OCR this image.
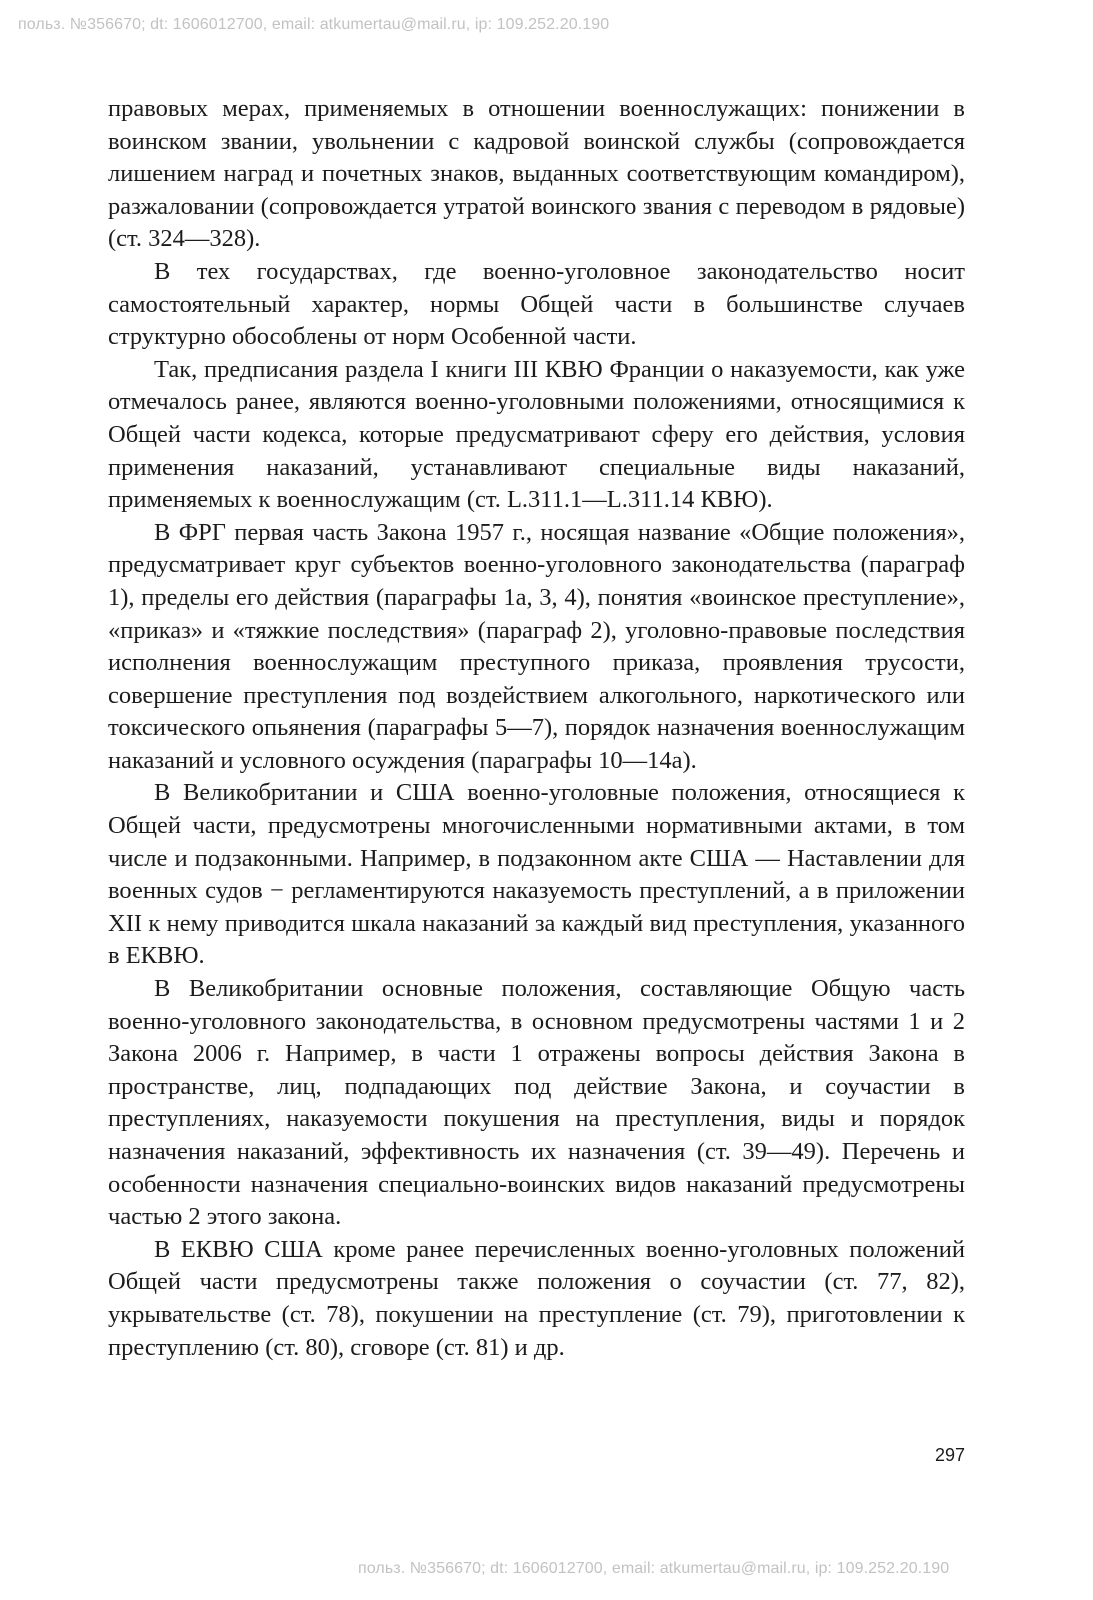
польз. №356670; dt: 1606012700, email: atkumertau@mail.ru, ip: 109.252.20.190

правовых мерах, применяемых в отношении военнослужащих: понижении в воинском звании, увольнении с кадровой воинской службы (сопровождается лишением наград и почетных знаков, выданных соответствующим командиром), разжаловании (сопровождается утратой воинского звания с переводом в рядовые) (ст. 324—328).

В тех государствах, где военно-уголовное законодательство носит самостоятельный характер, нормы Общей части в большинстве случаев структурно обособлены от норм Особенной части.

Так, предписания раздела I книги III КВЮ Франции о наказуемости, как уже отмечалось ранее, являются военно-уголовными положениями, относящимися к Общей части кодекса, которые предусматривают сферу его действия, условия применения наказаний, устанавливают специальные виды наказаний, применяемых к военнослужащим (ст. L.311.1—L.311.14 КВЮ).

В ФРГ первая часть Закона 1957 г., носящая название «Общие положения», предусматривает круг субъектов военно-уголовного законодательства (параграф 1), пределы его действия (параграфы 1а, 3, 4), понятия «воинское преступление», «приказ» и «тяжкие последствия» (параграф 2), уголовно-правовые последствия исполнения военнослужащим преступного приказа, проявления трусости, совершение преступления под воздействием алкогольного, наркотического или токсического опьянения (параграфы 5—7), порядок назначения военнослужащим наказаний и условного осуждения (параграфы 10—14а).

В Великобритании и США военно-уголовные положения, относящиеся к Общей части, предусмотрены многочисленными нормативными актами, в том числе и подзаконными. Например, в подзаконном акте США — Наставлении для военных судов − регламентируются наказуемость преступлений, а в приложении XII к нему приводится шкала наказаний за каждый вид преступления, указанного в ЕКВЮ.

В Великобритании основные положения, составляющие Общую часть военно-уголовного законодательства, в основном предусмотрены частями 1 и 2 Закона 2006 г. Например, в части 1 отражены вопросы действия Закона в пространстве, лиц, подпадающих под действие Закона, и соучастии в преступлениях, наказуемости покушения на преступления, виды и порядок назначения наказаний, эффективность их назначения (ст. 39—49). Перечень и особенности назначения специально-воинских видов наказаний предусмотрены частью 2 этого закона.

В ЕКВЮ США кроме ранее перечисленных военно-уголовных положений Общей части предусмотрены также положения о соучастии (ст. 77, 82), укрывательстве (ст. 78), покушении на преступление (ст. 79), приготовлении к преступлению (ст. 80), сговоре (ст. 81) и др.

297
польз. №356670; dt: 1606012700, email: atkumertau@mail.ru, ip: 109.252.20.190
